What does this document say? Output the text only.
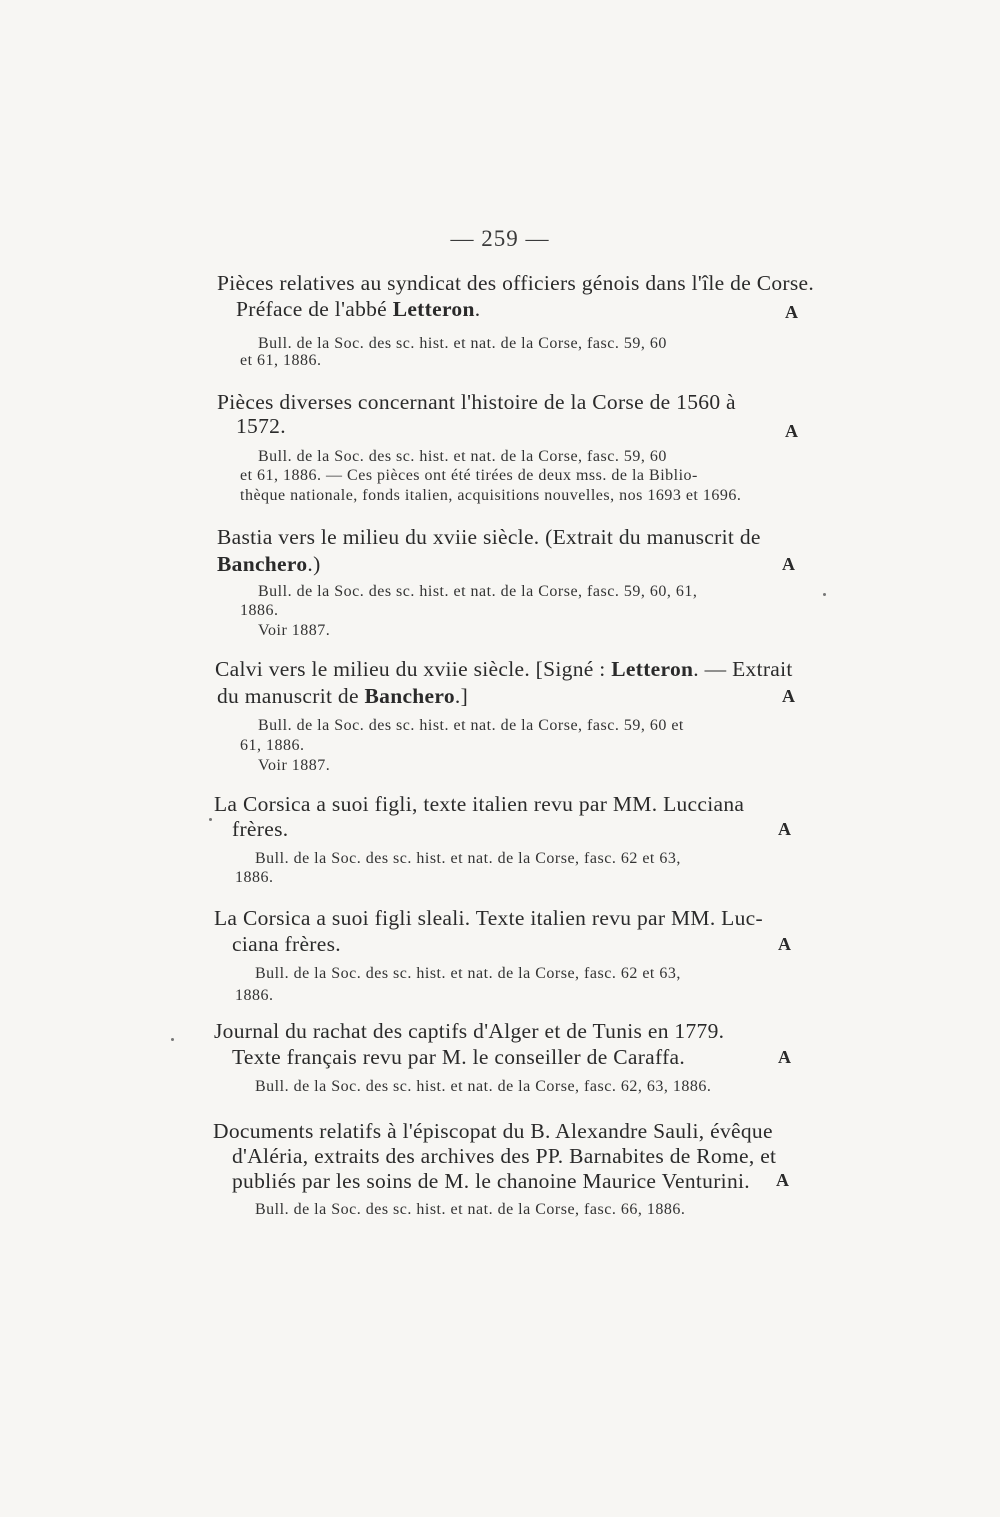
— 259 —
Pièces relatives au syndicat des officiers génois dans l'île de Corse.
Préface de l'abbé Letteron.	A
Bull. de la Soc. des sc. hist. et nat. de la Corse, fasc. 59, 60
et 61, 1886.
Pièces diverses concernant l'histoire de la Corse de 1560 à
1572.	A
Bull. de la Soc. des sc. hist. et nat. de la Corse, fasc. 59, 60
et 61, 1886. — Ces pièces ont été tirées de deux mss. de la Biblio-
thèque nationale, fonds italien, acquisitions nouvelles, nos 1693 et 1696.
Bastia vers le milieu du xviie siècle. (Extrait du manuscrit de
Banchero.)	A
Bull. de la Soc. des sc. hist. et nat. de la Corse, fasc. 59, 60, 61,
1886.
Voir 1887.
Calvi vers le milieu du xviie siècle. [Signé : Letteron. — Extrait
du manuscrit de Banchero.]	A
Bull. de la Soc. des sc. hist. et nat. de la Corse, fasc. 59, 60 et
61, 1886.
Voir 1887.
La Corsica a suoi figli, texte italien revu par MM. Lucciana
frères.	A
Bull. de la Soc. des sc. hist. et nat. de la Corse, fasc. 62 et 63,
1886.
La Corsica a suoi figli sleali. Texte italien revu par MM. Luc-
ciana frères.	A
Bull. de la Soc. des sc. hist. et nat. de la Corse, fasc. 62 et 63,
1886.
Journal du rachat des captifs d'Alger et de Tunis en 1779.
Texte français revu par M. le conseiller de Caraffa.	A
Bull. de la Soc. des sc. hist. et nat. de la Corse, fasc. 62, 63, 1886.
Documents relatifs à l'épiscopat du B. Alexandre Sauli, évêque
d'Aléria, extraits des archives des PP. Barnabites de Rome, et
publiés par les soins de M. le chanoine Maurice Venturini. A
Bull. de la Soc. des sc. hist. et nat. de la Corse, fasc. 66, 1886.
